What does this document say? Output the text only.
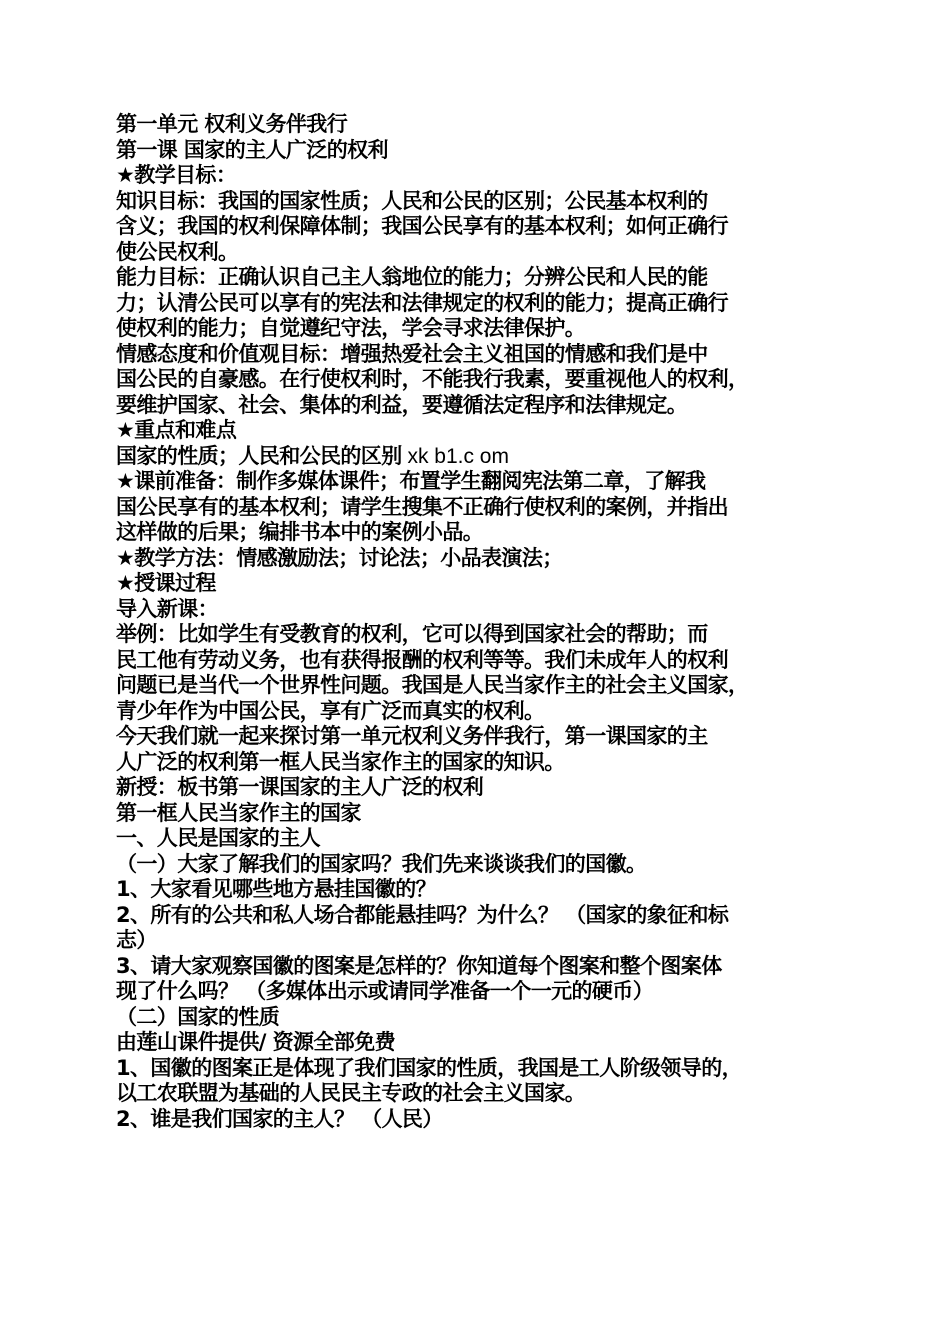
第一单元 权利义务伴我行
第一课 国家的主人广泛的权利
★教学目标：
知识目标：我国的国家性质；人民和公民的区别；公民基本权利的
含义；我国的权利保障体制；我国公民享有的基本权利；如何正确行
使公民权利。
能力目标：正确认识自己主人翁地位的能力；分辨公民和人民的能
力；认清公民可以享有的宪法和法律规定的权利的能力；提高正确行
使权利的能力；自觉遵纪守法，学会寻求法律保护。
情感态度和价值观目标：增强热爱社会主义祖国的情感和我们是中
国公民的自豪感。在行使权利时，不能我行我素，要重视他人的权利，
要维护国家、社会、集体的利益，要遵循法定程序和法律规定。
★重点和难点
国家的性质；人民和公民的区别 xk b1.c om
★课前准备：制作多媒体课件；布置学生翻阅宪法第二章，了解我
国公民享有的基本权利；请学生搜集不正确行使权利的案例，并指出
这样做的后果；编排书本中的案例小品。
★教学方法：情感激励法；讨论法；小品表演法；
★授课过程
导入新课：
举例：比如学生有受教育的权利，它可以得到国家社会的帮助；而
民工他有劳动义务，也有获得报酬的权利等等。我们未成年人的权利
问题已是当代一个世界性问题。我国是人民当家作主的社会主义国家，
青少年作为中国公民，享有广泛而真实的权利。
今天我们就一起来探讨第一单元权利义务伴我行，第一课国家的主
人广泛的权利第一框人民当家作主的国家的知识。
新授：板书第一课国家的主人广泛的权利
第一框人民当家作主的国家
一、人民是国家的主人
（一）大家了解我们的国家吗？我们先来谈谈我们的国徽。
1、大家看见哪些地方悬挂国徽的？
2、所有的公共和私人场合都能悬挂吗？为什么？ （国家的象征和标
志）
3、请大家观察国徽的图案是怎样的？你知道每个图案和整个图案体
现了什么吗？ （多媒体出示或请同学准备一个一元的硬币）
（二）国家的性质
由莲山课件提供/ 资源全部免费
1、国徽的图案正是体现了我们国家的性质，我国是工人阶级领导的，
以工农联盟为基础的人民民主专政的社会主义国家。
2、谁是我们国家的主人？ （人民）
